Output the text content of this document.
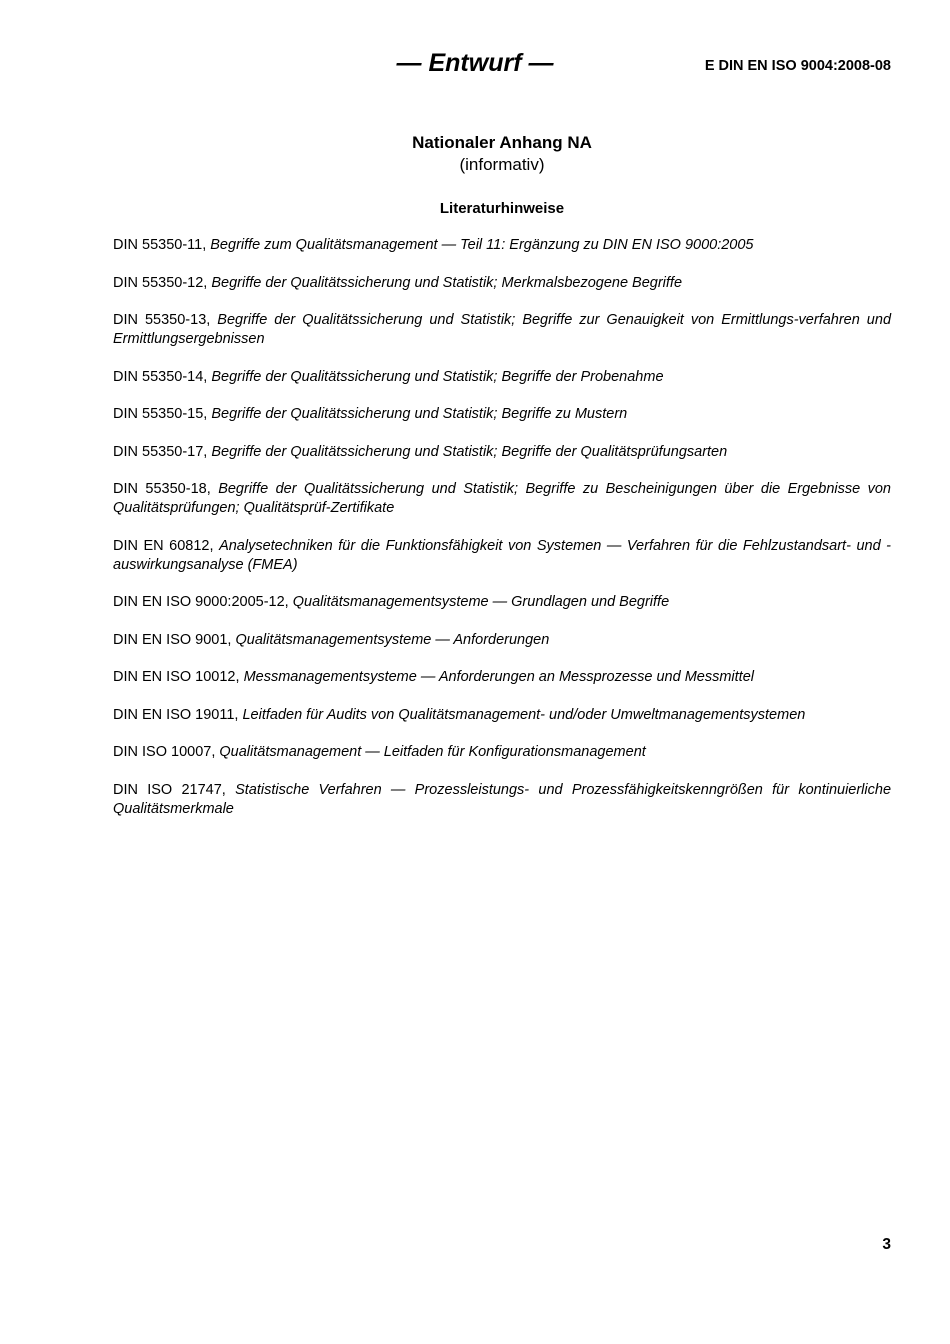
— Entwurf —	E DIN EN ISO 9004:2008-08
Nationaler Anhang NA
(informativ)
Literaturhinweise

DIN 55350-11, Begriffe zum Qualitätsmanagement — Teil 11: Ergänzung zu DIN EN ISO 9000:2005

DIN 55350-12, Begriffe der Qualitätssicherung und Statistik; Merkmalsbezogene Begriffe

DIN 55350-13, Begriffe der Qualitätssicherung und Statistik; Begriffe zur Genauigkeit von Ermittlungs-verfahren und Ermittlungsergebnissen

DIN 55350-14, Begriffe der Qualitätssicherung und Statistik; Begriffe der Probenahme

DIN 55350-15, Begriffe der Qualitätssicherung und Statistik; Begriffe zu Mustern

DIN 55350-17, Begriffe der Qualitätssicherung und Statistik; Begriffe der Qualitätsprüfungsarten

DIN 55350-18, Begriffe der Qualitätssicherung und Statistik; Begriffe zu Bescheinigungen über die Ergebnisse von Qualitätsprüfungen; Qualitätsprüf-Zertifikate

DIN EN 60812, Analysetechniken für die Funktionsfähigkeit von Systemen — Verfahren für die Fehlzustandsart- und -auswirkungsanalyse (FMEA)

DIN EN ISO 9000:2005-12, Qualitätsmanagementsysteme — Grundlagen und Begriffe

DIN EN ISO 9001, Qualitätsmanagementsysteme — Anforderungen

DIN EN ISO 10012, Messmanagementsysteme — Anforderungen an Messprozesse und Messmittel

DIN EN ISO 19011, Leitfaden für Audits von Qualitätsmanagement- und/oder Umweltmanagementsystemen

DIN ISO 10007, Qualitätsmanagement — Leitfaden für Konfigurationsmanagement

DIN ISO 21747, Statistische Verfahren — Prozessleistungs- und Prozessfähigkeitskenngrößen für kontinuierliche Qualitätsmerkmale

3
